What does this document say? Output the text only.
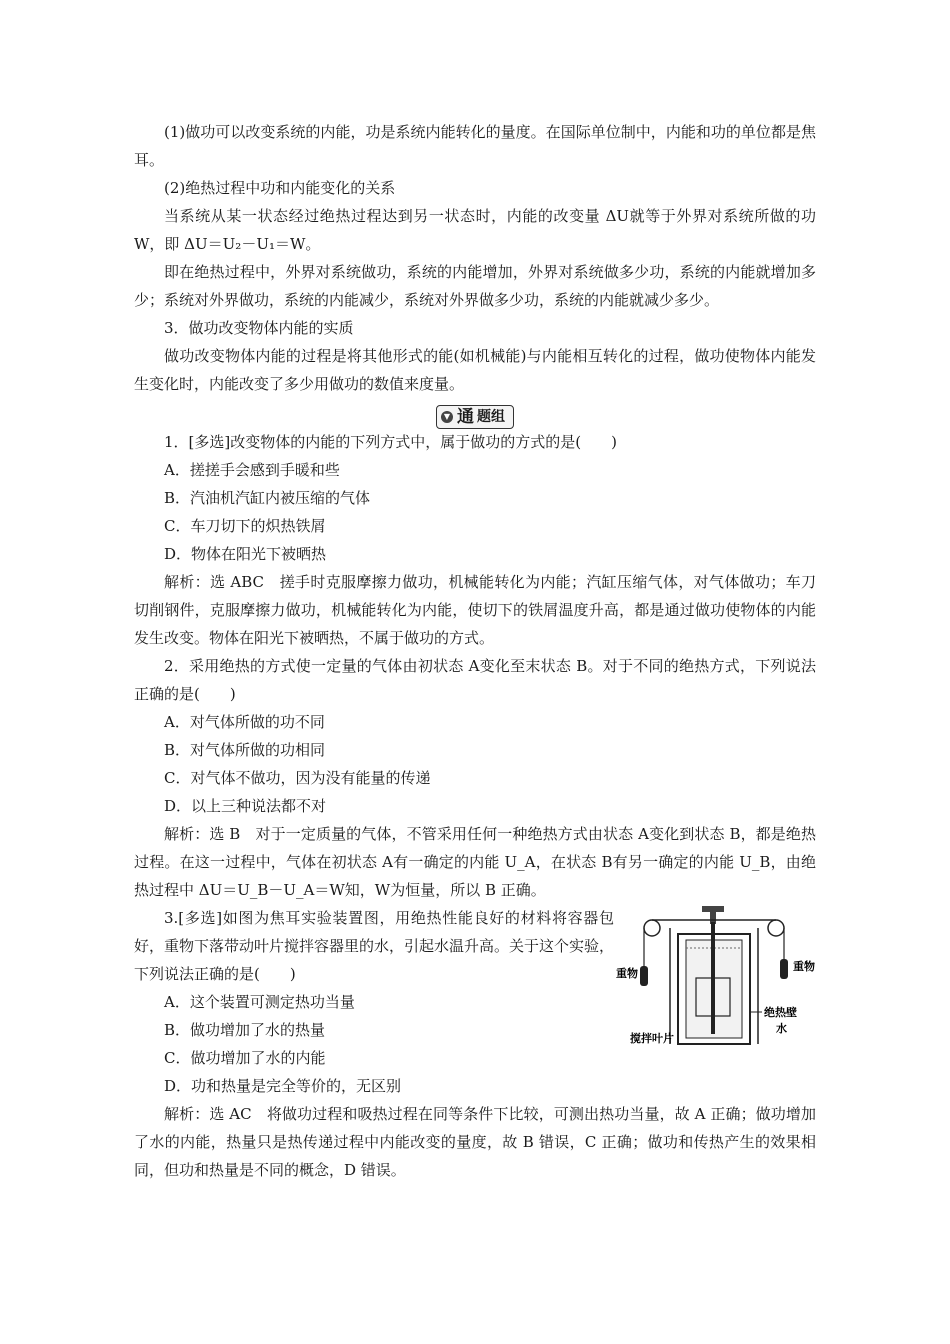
(1)做功可以改变系统的内能，功是系统内能转化的量度。在国际单位制中，内能和功的单位都是焦耳。

(2)绝热过程中功和内能变化的关系

当系统从某一状态经过绝热过程达到另一状态时，内能的改变量 ΔU就等于外界对系统所做的功 W，即 ΔU＝U₂－U₁＝W。

即在绝热过程中，外界对系统做功，系统的内能增加，外界对系统做多少功，系统的内能就增加多少；系统对外界做功，系统的内能减少，系统对外界做多少功，系统的内能就减少多少。

3．做功改变物体内能的实质

做功改变物体内能的过程是将其他形式的能(如机械能)与内能相互转化的过程，做功使物体内能发生变化时，内能改变了多少用做功的数值来度量。

▼ 通 题组

1．[多选]改变物体的内能的下列方式中，属于做功的方式的是(　　)

A．搓搓手会感到手暖和些

B．汽油机汽缸内被压缩的气体

C．车刀切下的炽热铁屑

D．物体在阳光下被晒热

解析：选 ABC　搓手时克服摩擦力做功，机械能转化为内能；汽缸压缩气体，对气体做功；车刀切削钢件，克服摩擦力做功，机械能转化为内能，使切下的铁屑温度升高，都是通过做功使物体的内能发生改变。物体在阳光下被晒热，不属于做功的方式。

2．采用绝热的方式使一定量的气体由初状态 A变化至末状态 B。对于不同的绝热方式，下列说法正确的是(　　)

A．对气体所做的功不同

B．对气体所做的功相同

C．对气体不做功，因为没有能量的传递

D．以上三种说法都不对

解析：选 B　对于一定质量的气体，不管采用任何一种绝热方式由状态 A变化到状态 B，都是绝热过程。在这一过程中，气体在初状态 A有一确定的内能 U_A，在状态 B有另一确定的内能 U_B，由绝热过程中 ΔU＝U_B－U_A＝W知，W为恒量，所以 B 正确。

3.[多选]如图为焦耳实验装置图，用绝热性能良好的材料将容器包好，重物下落带动叶片搅拌容器里的水，引起水温升高。关于这个实验，下列说法正确的是(　　)

A．这个装置可测定热功当量

B．做功增加了水的热量

C．做功增加了水的内能

D．功和热量是完全等价的，无区别

重物
重物
绝热壁
水
搅拌叶片

解析：选 AC　将做功过程和吸热过程在同等条件下比较，可测出热功当量，故 A 正确；做功增加了水的内能，热量只是热传递过程中内能改变的量度，故 B 错误，C 正确；做功和传热产生的效果相同，但功和热量是不同的概念，D 错误。
